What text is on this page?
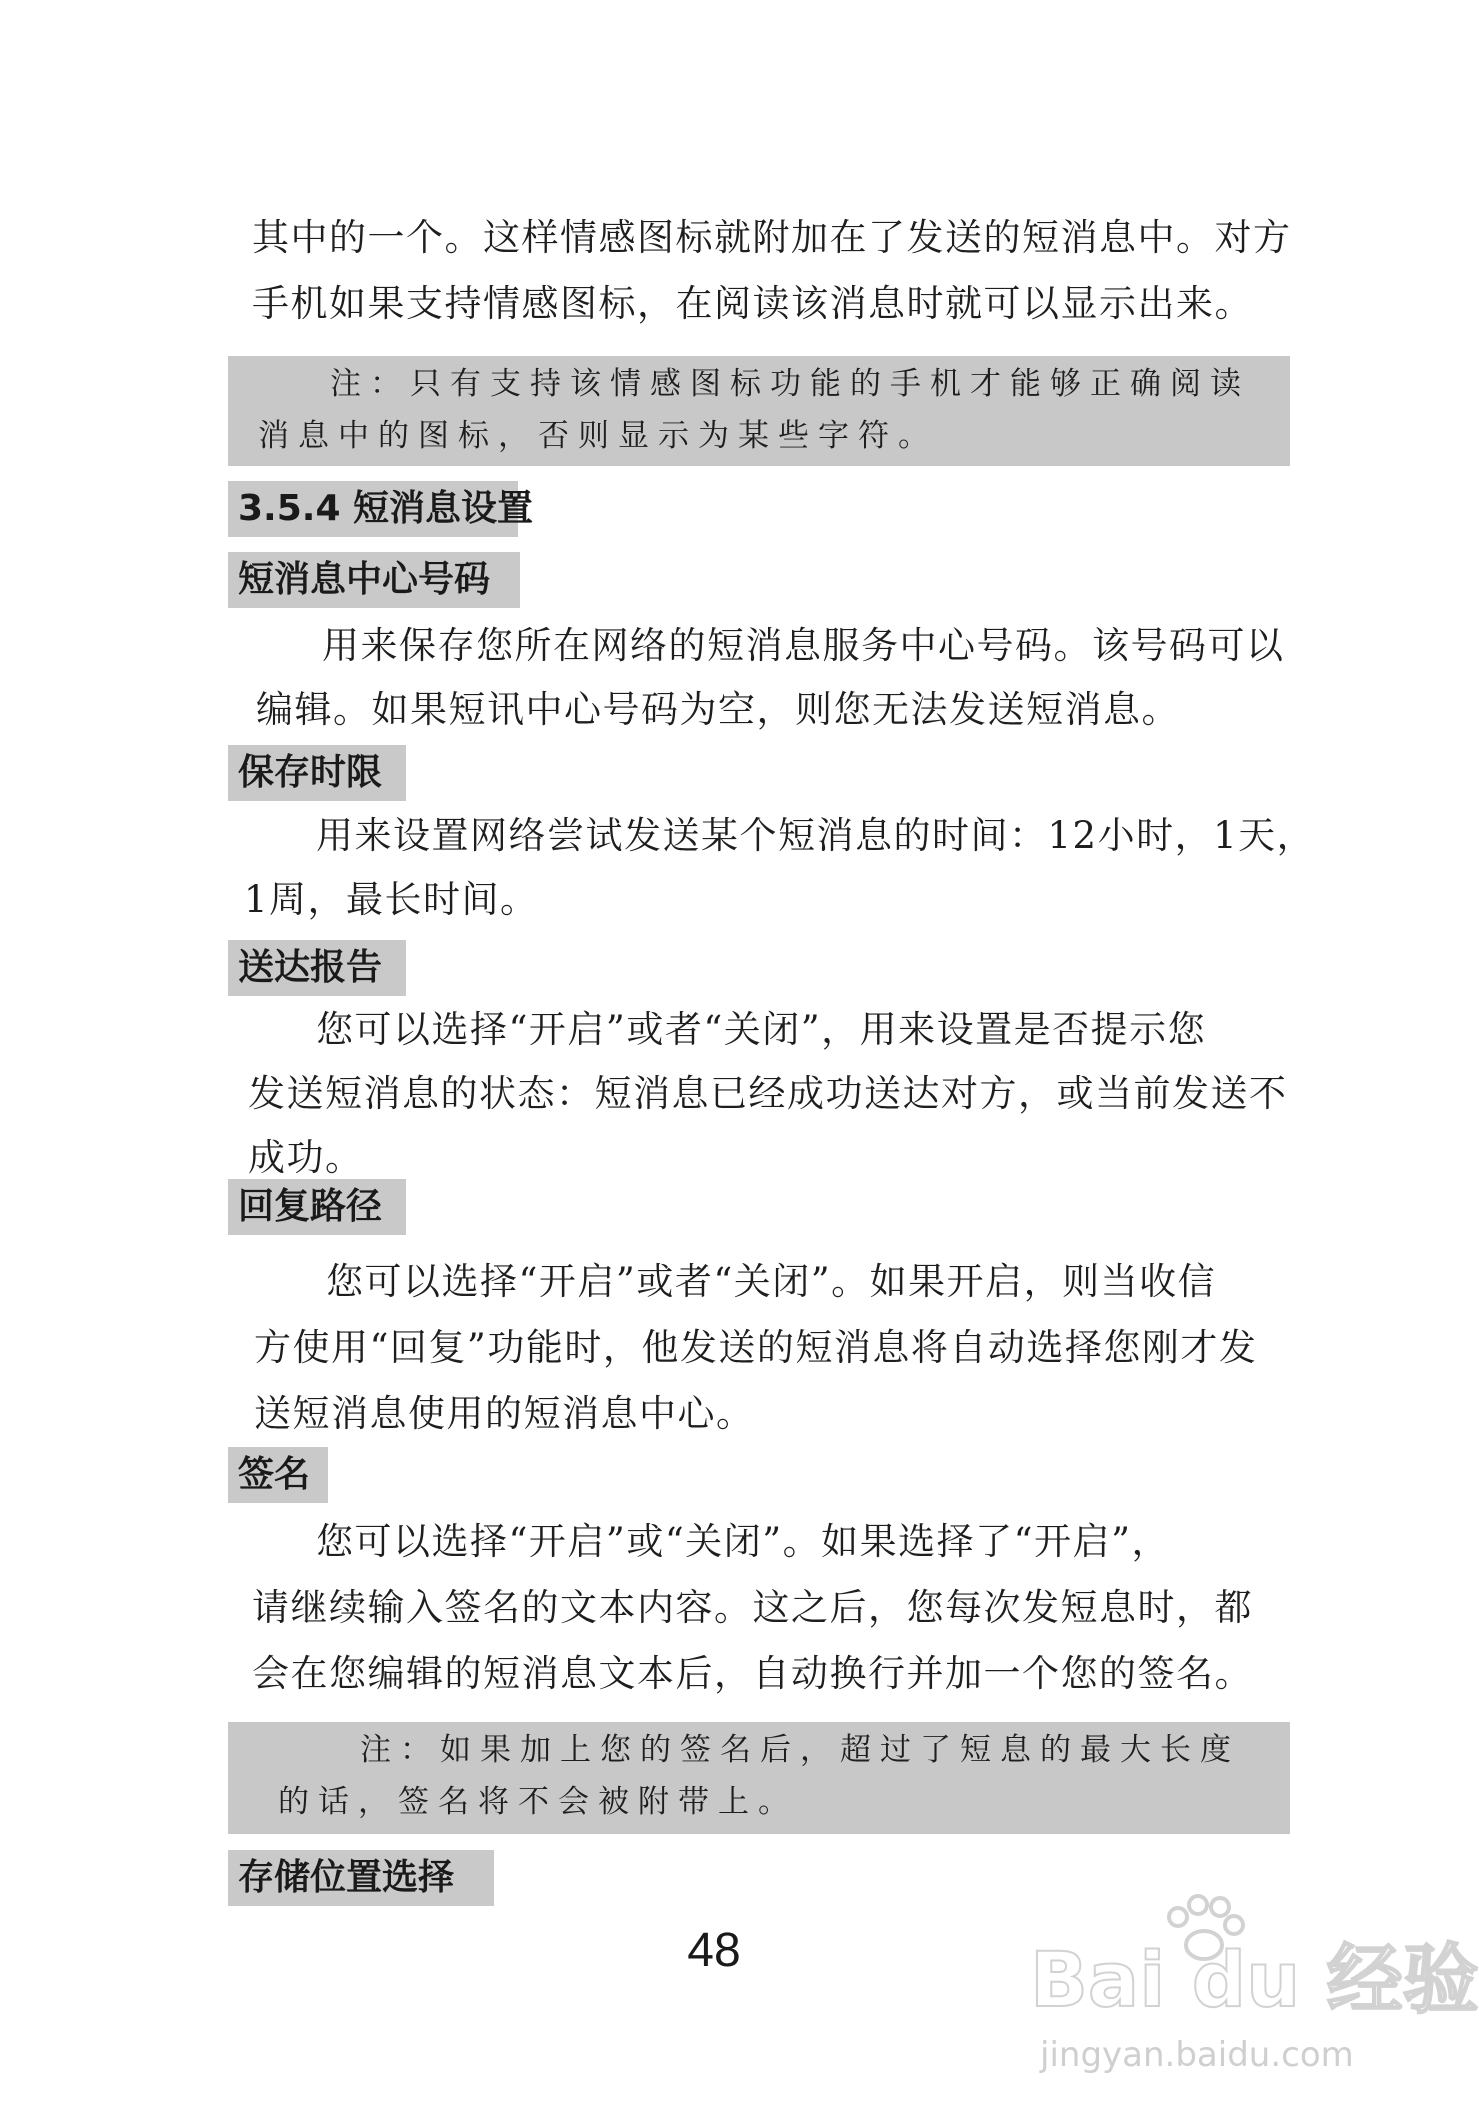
其中的一个。这样情感图标就附加在了发送的短消息中。对方

手机如果支持情感图标，在阅读该消息时就可以显示出来。

注：只有支持该情感图标功能的手机才能够正确阅读
消息中的图标，否则显示为某些字符。
3.5.4 短消息设置
短消息中心号码

用来保存您所在网络的短消息服务中心号码。该号码可以

编辑。如果短讯中心号码为空，则您无法发送短消息。

保存时限

用来设置网络尝试发送某个短消息的时间：12小时，1天，

1周，最长时间。

送达报告

您可以选择“开启”或者“关闭”，用来设置是否提示您

发送短消息的状态：短消息已经成功送达对方，或当前发送不

成功。

回复路径

您可以选择“开启”或者“关闭”。如果开启，则当收信

方使用“回复”功能时，他发送的短消息将自动选择您刚才发

送短消息使用的短消息中心。

签名

您可以选择“开启”或“关闭”。如果选择了“开启”，

请继续输入签名的文本内容。这之后，您每次发短息时，都

会在您编辑的短消息文本后，自动换行并加一个您的签名。

注：如果加上您的签名后，超过了短息的最大长度
的话，签名将不会被附带上。
存储位置选择
48	Bai du 经验
jingyan.baidu.com
